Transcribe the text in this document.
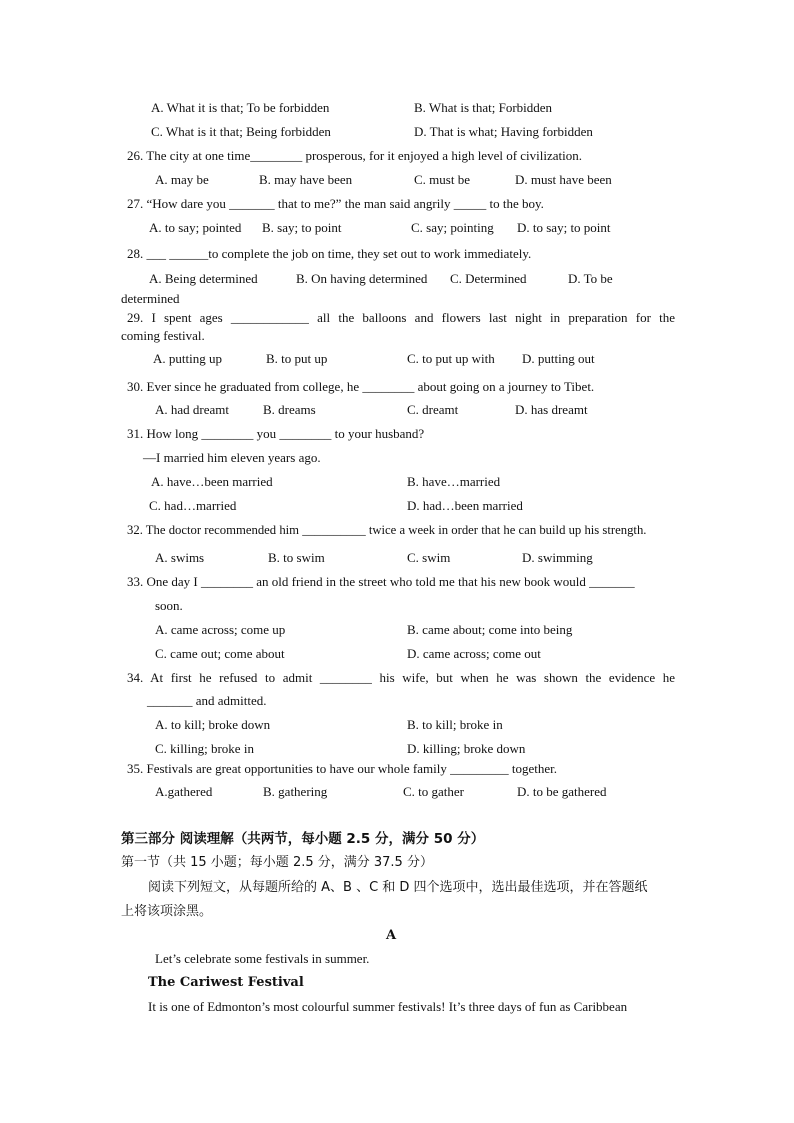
A. What it is that; To be forbidden	B. What is that; Forbidden
C. What is it that; Being forbidden	D. That is what; Having forbidden
26. The city at one time________ prosperous, for it enjoyed a high level of civilization.
A. may be	B. may have been	C. must be	D. must have been
27. “How dare you _______ that to me?” the man said angrily _____ to the boy.
A. to say; pointed B. say; to point	C. say; pointing D. to say; to point
28. ___ ______to complete the job on time, they set out to work immediately.
A. Being determined	B. On having determined C. Determined	D. To be
determined
29. I spent ages ____________ all the balloons and flowers last night in preparation for the
coming festival.
A. putting up	B. to put up	C. to put up with D. putting out
30. Ever since he graduated from college, he ________ about going on a journey to Tibet.
A. had dreamt	B. dreams	C. dreamt	D. has dreamt
31. How long ________ you ________ to your husband?
—I married him eleven years ago.
A. have…been married	B. have…married
C. had…married	D. had…been married
32. The doctor recommended him __________ twice a week in order that he can build up his strength.
A. swims	B. to swim	C. swim	D. swimming
33. One day I ________ an old friend in the street who told me that his new book would _______
soon.
A. came across; come up	B. came about; come into being
C. came out; come about	D. came across; come out
34. At first he refused to admit ________ his wife, but when he was shown the evidence he
_______ and admitted.
A. to kill; broke down	B. to kill; broke in
C. killing; broke in	D. killing; broke down
35. Festivals are great opportunities to have our whole family _________ together.
A.gathered	B. gathering	C. to gather	D. to be gathered
第三部分 阅读理解（共两节，每小题 2.5 分，满分 50 分）
第一节（共 15 小题；每小题 2.5 分，满分 37.5 分）
阅读下列短文，从每题所给的 A、B 、C 和 D 四个选项中，选出最佳选项，并在答题纸
上将该项涂黑。
A
Let’s celebrate some festivals in summer.
The Cariwest Festival
It is one of Edmonton’s most colourful summer festivals! It’s three days of fun as Caribbean
